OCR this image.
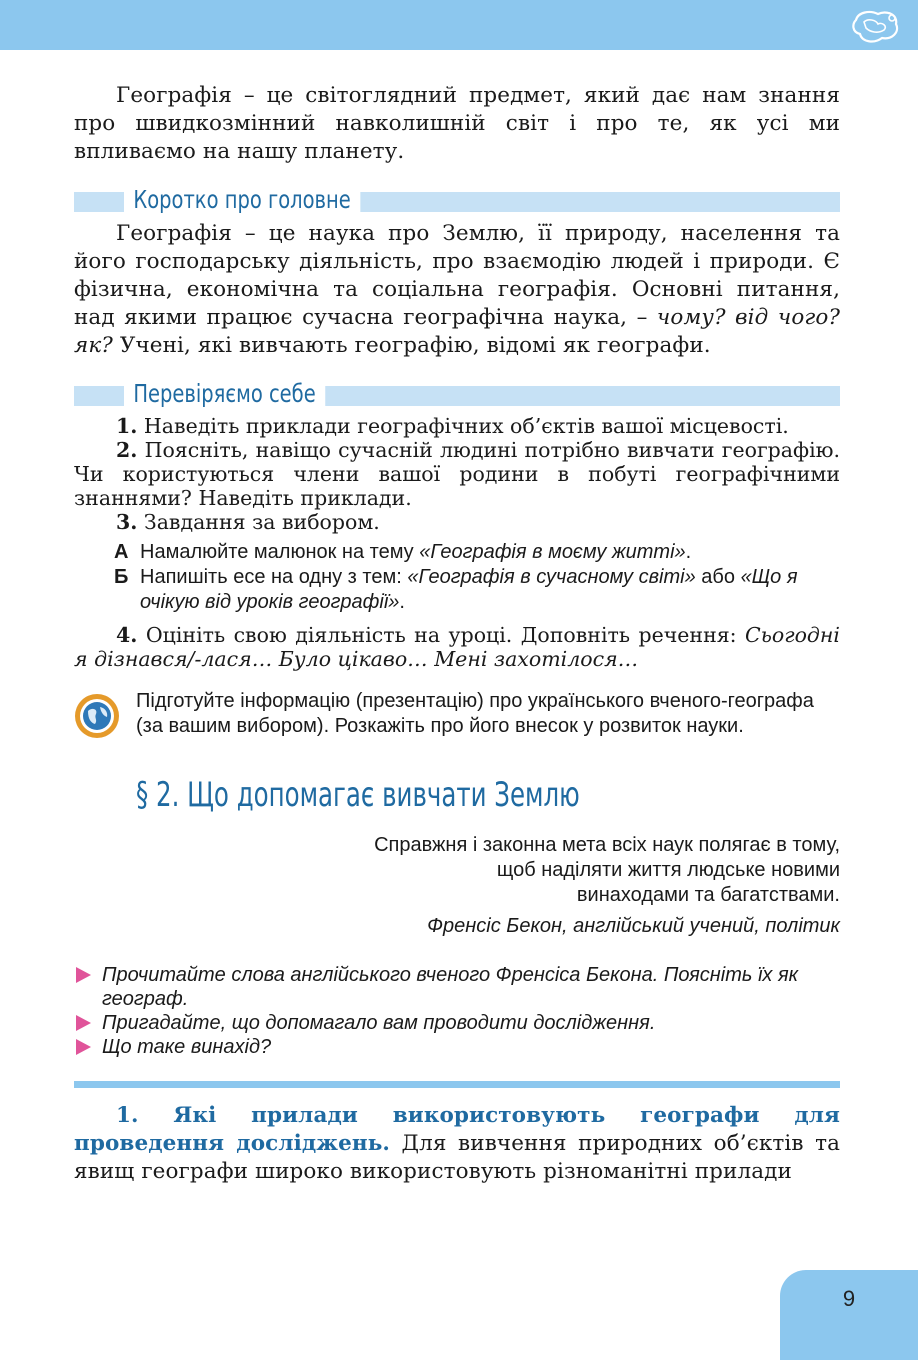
Географія – це світоглядний предмет, який дає нам знання про швидкозмінний навколишній світ і про те, як усі ми впливаємо на нашу планету.

Коротко про головне

Географія – це наука про Землю, її природу, населення та його господарську діяльність, про взаємодію людей і природи. Є фізична, економічна та соціальна географія. Основні питання, над якими працює сучасна географічна наука, – чому? від чого? як? Учені, які вивчають географію, відомі як географи.

Перевіряємо себе

1. Наведіть приклади географічних об’єктів вашої місцевості.

2. Поясніть, навіщо сучасній людині потрібно вивчати географію. Чи користуються члени вашої родини в побуті географічними знаннями? Наведіть приклади.

3. Завдання за вибором.

А Намалюйте малюнок на тему «Географія в моєму житті».

Б Напишіть есе на одну з тем: «Географія в сучасному світі» або «Що я очікую від уроків географії».

4. Оцініть свою діяльність на уроці. Доповніть речення: Сьогодні я дізнався/-лася… Було цікаво… Мені захотілося…

Підготуйте інформацію (презентацію) про українського вченого-географа (за вашим вибором). Розкажіть про його внесок у розвиток науки.
§ 2. Що допомагає вивчати Землю
Справжня і законна мета всіх наук полягає в тому,
щоб наділяти життя людське новими
винаходами та багатствами.
Френсіс Бекон, англійський учений, політик

Прочитайте слова англійського вченого Френсіса Бекона. Поясніть їх як географ.

Пригадайте, що допомагало вам проводити дослідження.

Що таке винахід?

1. Які прилади використовують географи для проведення досліджень. Для вивчення природних об’єктів та явищ географи широко використовують різноманітні прилади

9
